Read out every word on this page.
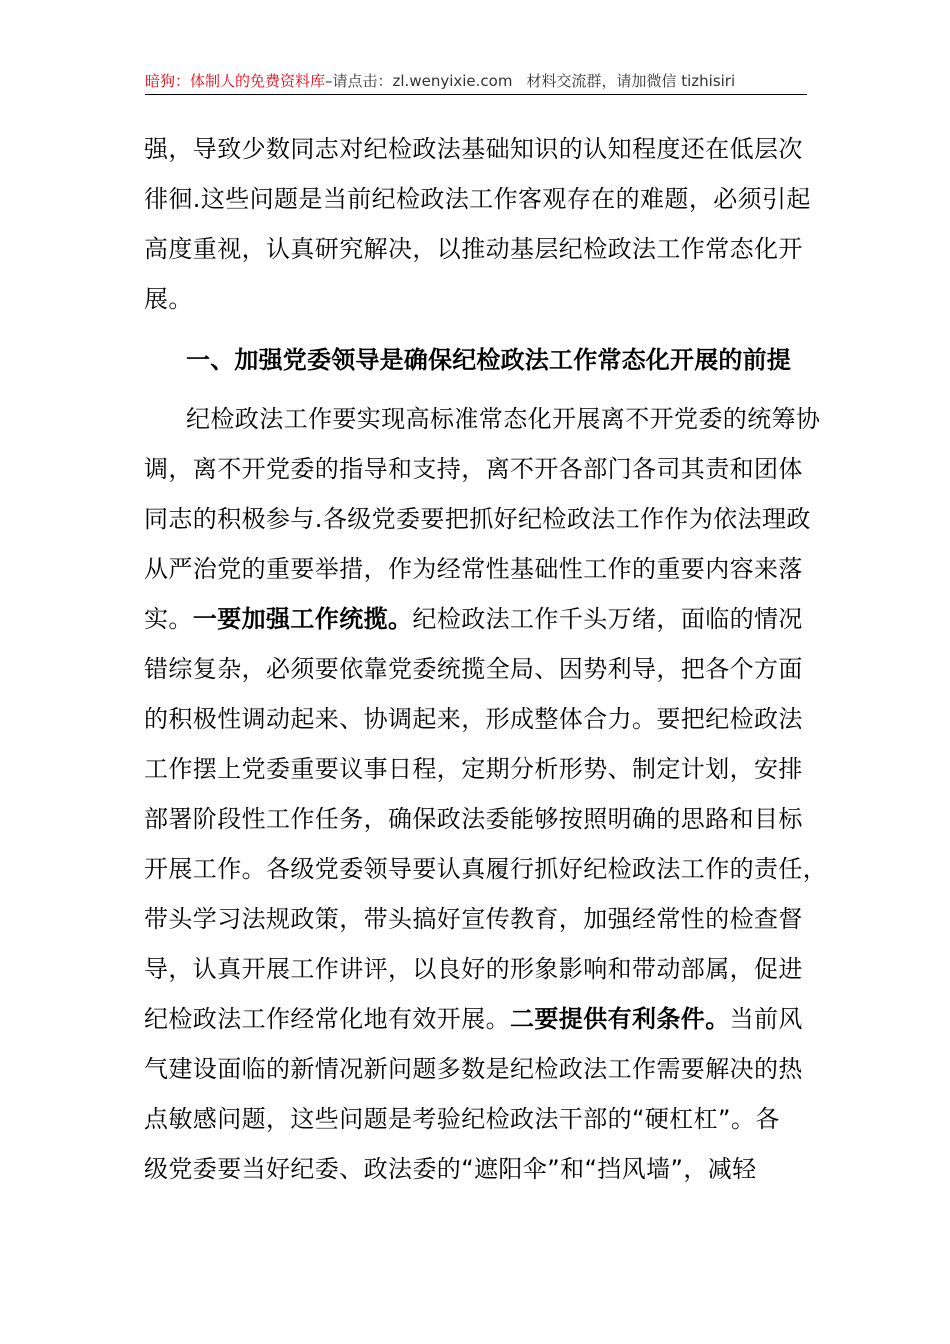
暗狗：体制人的免费资料库–请点击：zl.wenyixie.com 材料交流群，请加微信 tizhisiri
强，导致少数同志对纪检政法基础知识的认知程度还在低层次
徘徊.这些问题是当前纪检政法工作客观存在的难题，必须引起
高度重视，认真研究解决，以推动基层纪检政法工作常态化开
展。
一、加强党委领导是确保纪检政法工作常态化开展的前提
纪检政法工作要实现高标准常态化开展离不开党委的统筹协
调，离不开党委的指导和支持，离不开各部门各司其责和团体
同志的积极参与.各级党委要把抓好纪检政法工作作为依法理政
从严治党的重要举措，作为经常性基础性工作的重要内容来落
实。一要加强工作统揽。纪检政法工作千头万绪，面临的情况
错综复杂，必须要依靠党委统揽全局、因势利导，把各个方面
的积极性调动起来、协调起来，形成整体合力。要把纪检政法
工作摆上党委重要议事日程，定期分析形势、制定计划，安排
部署阶段性工作任务，确保政法委能够按照明确的思路和目标
开展工作。各级党委领导要认真履行抓好纪检政法工作的责任，
带头学习法规政策，带头搞好宣传教育，加强经常性的检查督
导，认真开展工作讲评，以良好的形象影响和带动部属，促进
纪检政法工作经常化地有效开展。二要提供有利条件。当前风
气建设面临的新情况新问题多数是纪检政法工作需要解决的热
点敏感问题，这些问题是考验纪检政法干部的“硬杠杠”。各
级党委要当好纪委、政法委的“遮阳伞”和“挡风墙”，减轻
